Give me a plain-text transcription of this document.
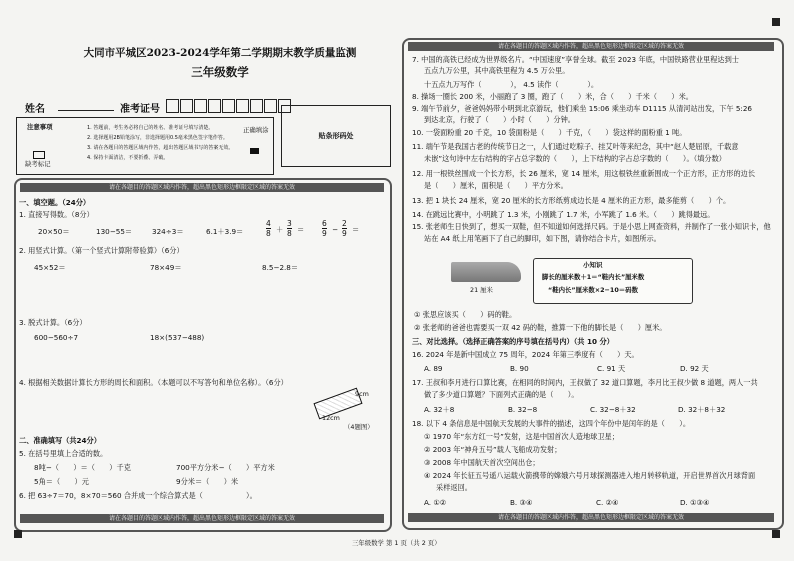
大同市平城区2023-2024学年第二学期期末教学质量监测
三年级数学
姓名	准考证号
注意事项	1. 答题前，考生务必将自己的姓名、准考证号填写清楚。
2. 选择题用2B铅笔涂写，非选择题用0.5毫米黑色签字笔作答。
3. 请在各题目的答题区域内作答，超出答题区域书写的答案无效。
4. 保持卡面清洁，不要折叠、弄破。
正确填涂
缺考标记
贴条形码处
请在各题目的答题区域内作答，超出黑色矩形边框限定区域的答案无效
一、填空题。（24分）
1. 直接写得数。（8分）
20×50＝	130−55＝	324÷3＝	6.1＋3.9＝	$\frac{4}{8} + \frac{3}{8} = \frac{6}{9} - \frac{2}{9}$ ＝
2. 用竖式计算。（第一个竖式计算附带验算）（6分）
45×52＝	78×49＝	8.5−2.8＝
3. 脱式计算。（6分）
600−560÷7	18×(537−488)
4. 根据相关数据计算长方形的周长和面积。（本题可以不写答句和单位名称）。（6分）
9cm
12cm
（4题图）
二、准确填写（共24分）
5. 在括号里填上合适的数。
8吨−（　　）＝（　　）千克	700平方分米−（　　）平方米
5角＝（　　）元	9分米＝（　　）米
6. 把 63÷7＝70，8×70＝560 合并成一个综合算式是（　　　　　　）。
请在各题目的答题区域内作答，超出黑色矩形边框限定区域的答案无效
请在各题目的答题区域内作答，超出黑色矩形边框限定区域的答案无效
7. 中国的高铁已经成为世界级名片。“中国速度”享誉全球。截至 2023 年底，中国铁路营业里程达到士
五点九万公里，其中高铁里程为 4.5 万公里。
十五点九万写作（　　　　）， 4.5 读作（　　　　）。
8. 操场一圈长 200 米，小丽跑了 3 圈，跑了（　　）米，合（　　）千米（　　）米。
9. 端午节前夕，爸爸妈妈带小明到北京游玩，他们乘坐 15:06 乘坐动车 D1115 从清河站出发，下午 5:26
到达北京，行驶了（　　）小时（　　）分钟。
10. 一袋面粉重 20 千克，10 袋面粉是（　　）千克，（　　）袋这样的面粉重 1 吨。
11. 端午节是我国古老的传统节日之一，人们通过吃粽子、挂艾叶等来纪念，其中“赵人楚屈原，千载意
未嵌”这句诗中左右结构的字占总字数的（　　），上下结构的字占总字数的（　　）。（填分数）
12. 用一根铁丝围成一个长方形，长 26 厘米，宽 14 厘米，用这根铁丝重新围成一个正方形，正方形的边长
是（　　）厘米，面积是（　　）平方分米。
13. 把 1 块长 24 厘米，宽 20 厘米的长方形纸剪成边长是 4 厘米的正方形，最多能剪（　　）个。
14. 在跳远比赛中，小明跳了 1.3 米，小刚跳了 1.7 米，小军跳了 1.6 米。（　　）跳得最远。
15. 张老师生日快到了，想买一双鞋，但不知道如何选择尺码。于是小思上网查资料，并制作了一张小知识卡，他
站在 A4 纸上用笔画下了自己的脚印，如下图，请你结合卡片，如图所示。
21 厘米
小知识
脚长的厘米数＋1＝“鞋内长”厘米数
“鞋内长”厘米数×2−10＝码数
① 张思应该买（　　）码的鞋。
② 张老师的爸爸也需要买一双 42 码的鞋，推算一下他的脚长是（　　）厘米。
三、对比选择。（选择正确答案的序号填在括号内）（共 10 分）
16. 2024 年是新中国成立 75 周年，2024 年第三季度有（　　）天。
A. 89	B. 90	C. 91 天	D. 92 天
17. 王叔和李月进行口算比赛，在相同的时间内，王叔做了 32 道口算题，李月比王叔少做 8 道题，两人一共
做了多少道口算题？下面列式正确的是（　　）。
A. 32＋8	B. 32−8	C. 32−8＋32	D. 32＋8＋32
18. 以下 4 条信息是中国航天发展的大事件的描述，这四个年份中是闰年的是（　　）。
① 1970 年“东方红一号”发射，这是中国首次人造地球卫星；
② 2003 年“神舟五号”载人飞船成功发射；
③ 2008 年中国航天首次空间出仓；
④ 2024 年长征五号遥八运载火箭携带的嫦娥六号月球探测器进入地月转移轨道，开启世界首次月球背面
采样返回。
A. ①②	B. ③④	C. ②④	D. ①③④
请在各题目的答题区域内作答，超出黑色矩形边框限定区域的答案无效
三年级数学 第 1 页（共 2 页）
